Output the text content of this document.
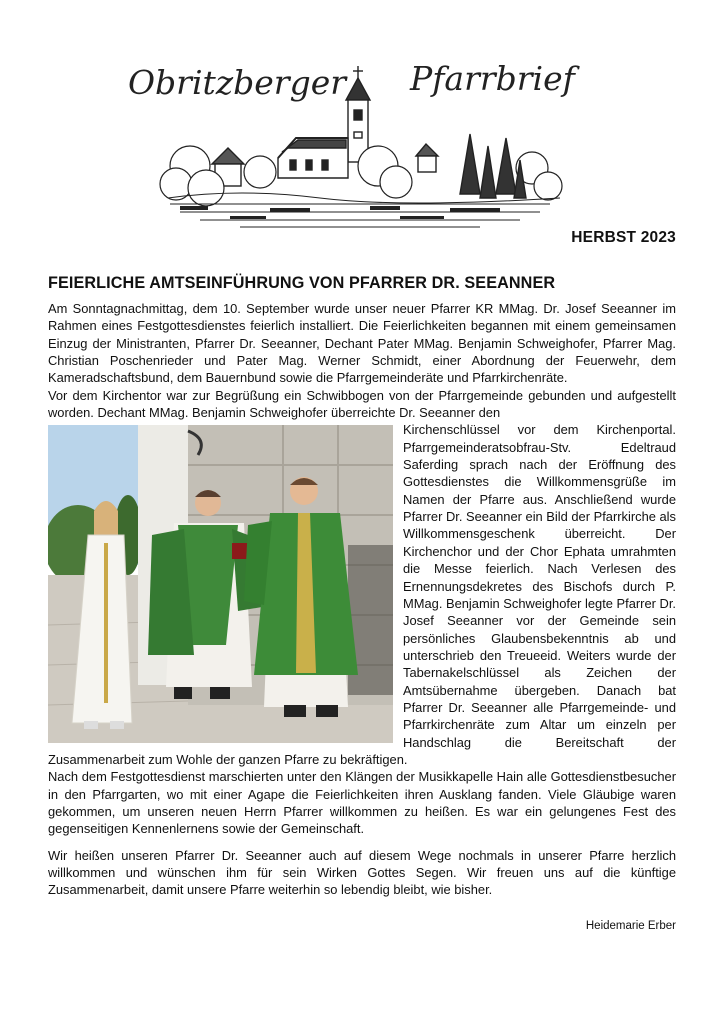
Obritzberger Pfarrbrief
HERBST 2023
FEIERLICHE AMTSEINFÜHRUNG VON PFARRER DR. SEEANNER

Am Sonntagnachmittag, dem 10. September wurde unser neuer Pfarrer KR MMag. Dr. Josef Seeanner im Rahmen eines Festgottesdienstes feierlich installiert. Die Feierlichkeiten begannen mit einem gemeinsamen Einzug der Ministranten, Pfarrer Dr. Seeanner, Dechant Pater MMag. Benjamin Schweighofer, Pfarrer Mag. Christian Poschenrieder und Pater Mag. Werner Schmidt, einer Abordnung der Feuerwehr, dem Kameradschaftsbund, dem Bauernbund sowie die Pfarrgemeinderäte und Pfarrkirchenräte.

Vor dem Kirchentor war zur Begrüßung ein Schwibbogen von der Pfarrgemeinde gebunden und aufgestellt worden. Dechant MMag. Benjamin Schweighofer überreichte Dr. Seeanner den

Kirchenschlüssel vor dem Kirchenportal. Pfarrgemeinderatsobfrau-Stv. Edeltraud Saferding sprach nach der Eröffnung des Gottesdienstes die Willkommensgrüße im Namen der Pfarre aus. Anschließend wurde Pfarrer Dr. Seeanner ein Bild der Pfarrkirche als Willkommensgeschenk überreicht. Der Kirchenchor und der Chor Ephata umrahmten die Messe feierlich. Nach Verlesen des Ernennungsdekretes des Bischofs durch P. MMag. Benjamin Schweighofer legte Pfarrer Dr. Josef Seeanner vor der Gemeinde sein persönliches Glaubensbekenntnis ab und unterschrieb den Treueeid. Weiters wurde der Tabernakelschlüssel als Zeichen der Amtsübernahme übergeben. Danach bat Pfarrer Dr. Seeanner alle Pfarrgemeinde- und Pfarrkirchenräte zum Altar um einzeln per Handschlag die Bereitschaft der Zusammenarbeit zum Wohle der ganzen Pfarre zu bekräftigen.

Nach dem Festgottesdienst marschierten unter den Klängen der Musikkapelle Hain alle Gottesdienstbesucher in den Pfarrgarten, wo mit einer Agape die Feierlichkeiten ihren Ausklang fanden. Viele Gläubige waren gekommen, um unseren neuen Herrn Pfarrer willkommen zu heißen. Es war ein gelungenes Fest des gegenseitigen Kennenlernens sowie der Gemeinschaft.

Wir heißen unseren Pfarrer Dr. Seeanner auch auf diesem Wege nochmals in unserer Pfarre herzlich willkommen und wünschen ihm für sein Wirken Gottes Segen. Wir freuen uns auf die künftige Zusammenarbeit, damit unsere Pfarre weiterhin so lebendig bleibt, wie bisher.

Heidemarie Erber
